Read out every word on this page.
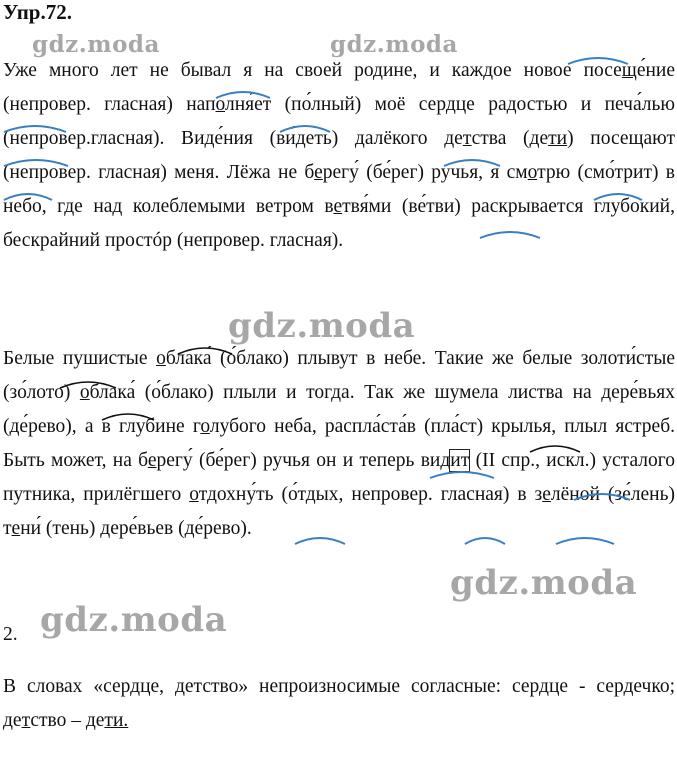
Упр.72.
gdz.moda	gdz.moda
gdz.moda
gdz.moda
gdz.moda
Уже много лет не бывал я на своей родине, и каждое новое посеще́ние (непровер. гласная) наполня́ет (по́лный) моё сердце радостью и печа́лью (непровер.гласная). Виде́ния (ви́деть) далёкого детства (дети) посещают (непровер. гласная) меня. Лёжа не берегу́ (бе́рег) ручья, я смотрю (смо́трит) в небо, где над колеблемыми ветром ветвя́ми (ве́тви) раскрывается глубокий, бескрайний простóр (непровер. гласная).
Белые пушистые облака́ (о́блако) плывут в небе. Такие же белые золоти́стые (зо́лото) облака́ (о́блако) плыли и тогда. Так же шумела листва на дере́вьях (де́рево), а в глубине голубого неба, распла́ста́в (пла́ст) крылья, плыл ястреб. Быть может, на берегу́ (бе́рег) ручья он и теперь видит (II спр., искл.) усталого путника, прилёгшего отдохну́ть (о́тдых, непровер. гласная) в зелёной (зе́лень) тени́ (тень) дере́вьев (де́рево).
2.
В словах «сердце, детство» непроизносимые согласные: сердце - сердечко; детство – дети.
